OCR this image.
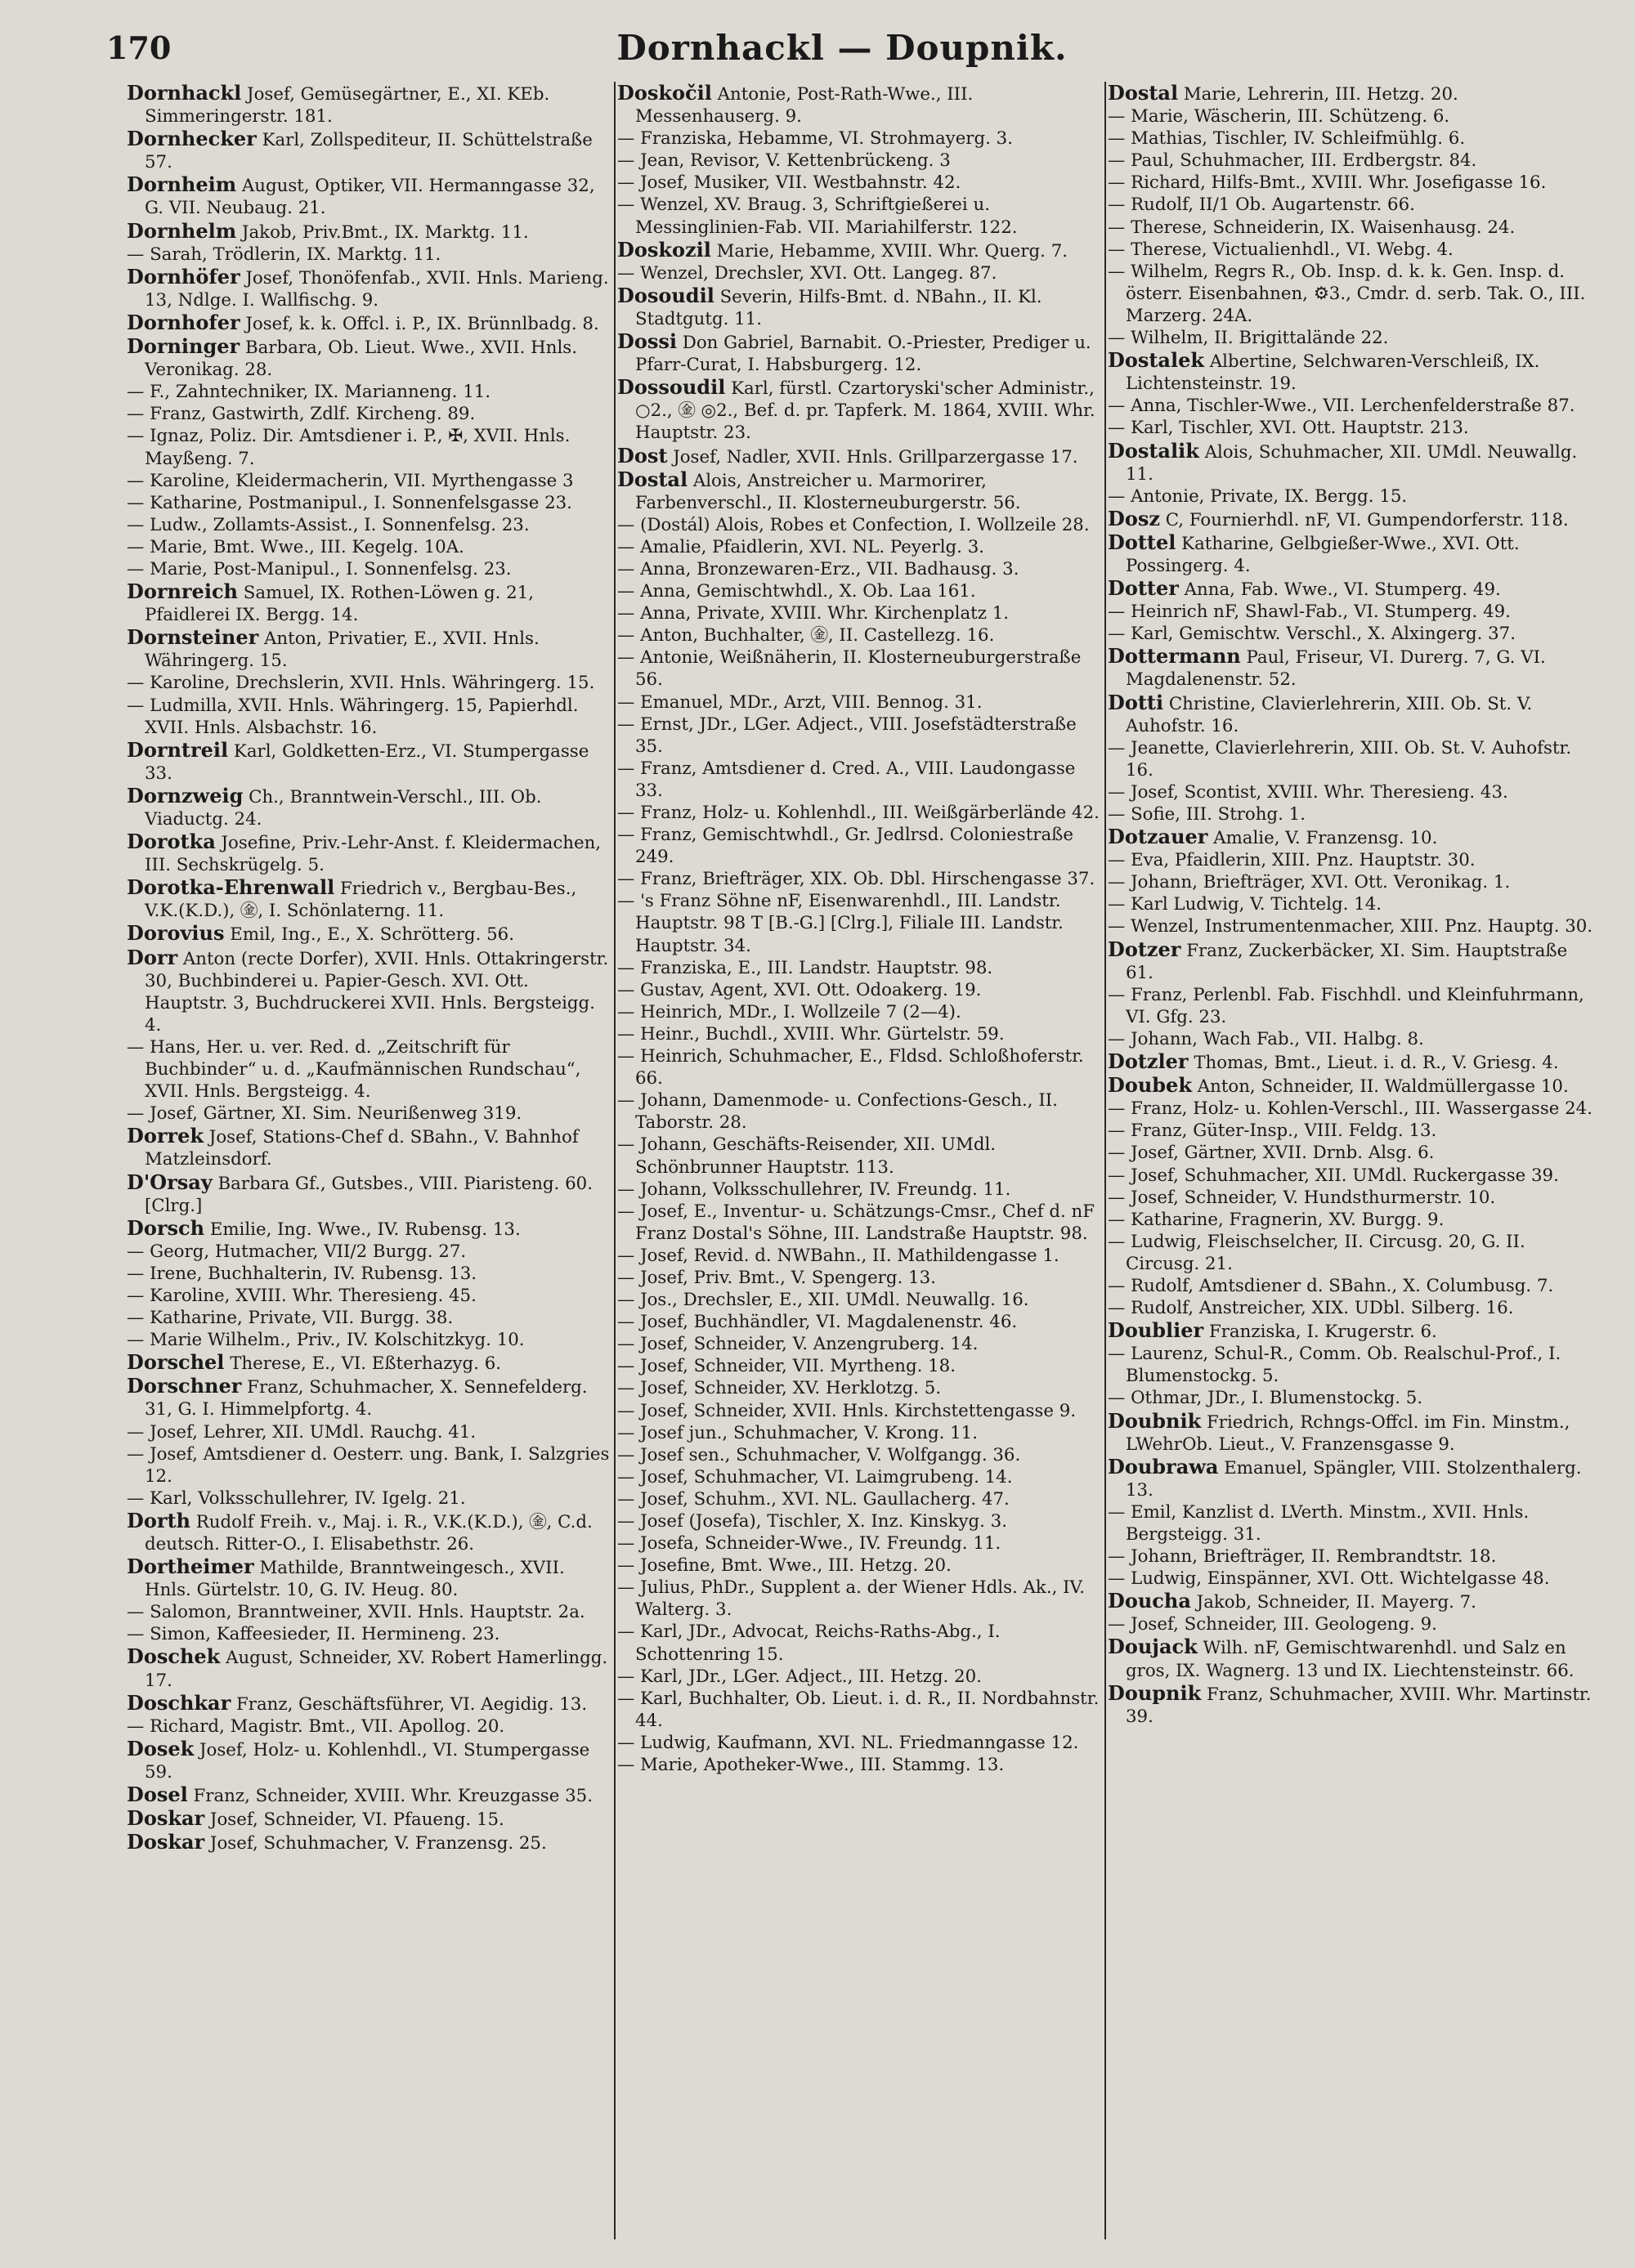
170	Dornhackl — Doupnik.

Dornhackl Josef, Gemüsegärtner, E., XI. KEb. Simmeringerstr. 181.

Dornhecker Karl, Zollspediteur, II. Schüttelstraße 57.

Dornheim August, Optiker, VII. Hermanngasse 32, G. VII. Neubaug. 21.

Dornhelm Jakob, Priv.Bmt., IX. Marktg. 11.

— Sarah, Trödlerin, IX. Marktg. 11.

Dornhöfer Josef, Thonöfenfab., XVII. Hnls. Marieng. 13, Ndlge. I. Wallfischg. 9.

Dornhofer Josef, k. k. Offcl. i. P., IX. Brünnlbadg. 8.

Dorninger Barbara, Ob. Lieut. Wwe., XVII. Hnls. Veronikag. 28.

— F., Zahntechniker, IX. Marianneng. 11.

— Franz, Gastwirth, Zdlf. Kircheng. 89.

— Ignaz, Poliz. Dir. Amtsdiener i. P., ✠, XVII. Hnls. Mayßeng. 7.

— Karoline, Kleidermacherin, VII. Myrthengasse 3

— Katharine, Postmanipul., I. Sonnenfelsgasse 23.

— Ludw., Zollamts-Assist., I. Sonnenfelsg. 23.

— Marie, Bmt. Wwe., III. Kegelg. 10A.

— Marie, Post-Manipul., I. Sonnenfelsg. 23.

Dornreich Samuel, IX. Rothen-Löwen g. 21, Pfaidlerei IX. Bergg. 14.

Dornsteiner Anton, Privatier, E., XVII. Hnls. Währingerg. 15.

— Karoline, Drechslerin, XVII. Hnls. Währingerg. 15.

— Ludmilla, XVII. Hnls. Währingerg. 15, Papierhdl. XVII. Hnls. Alsbachstr. 16.

Dorntreil Karl, Goldketten-Erz., VI. Stumpergasse 33.

Dornzweig Ch., Branntwein-Verschl., III. Ob. Viaductg. 24.

Dorotka Josefine, Priv.-Lehr-Anst. f. Kleidermachen, III. Sechskrügelg. 5.

Dorotka-Ehrenwall Friedrich v., Bergbau-Bes., V.K.(K.D.), ㊎, I. Schönlaterng. 11.

Dorovius Emil, Ing., E., X. Schrötterg. 56.

Dorr Anton (recte Dorfer), XVII. Hnls. Ottakringerstr. 30, Buchbinderei u. Papier-Gesch. XVI. Ott. Hauptstr. 3, Buchdruckerei XVII. Hnls. Bergsteigg. 4.

— Hans, Her. u. ver. Red. d. „Zeitschrift für Buchbinder“ u. d. „Kaufmännischen Rundschau“, XVII. Hnls. Bergsteigg. 4.

— Josef, Gärtner, XI. Sim. Neurißenweg 319.

Dorrek Josef, Stations-Chef d. SBahn., V. Bahnhof Matzleinsdorf.

D'Orsay Barbara Gf., Gutsbes., VIII. Piaristeng. 60. [Clrg.]

Dorsch Emilie, Ing. Wwe., IV. Rubensg. 13.

— Georg, Hutmacher, VII/2 Burgg. 27.

— Irene, Buchhalterin, IV. Rubensg. 13.

— Karoline, XVIII. Whr. Theresieng. 45.

— Katharine, Private, VII. Burgg. 38.

— Marie Wilhelm., Priv., IV. Kolschitzkyg. 10.

Dorschel Therese, E., VI. Eßterhazyg. 6.

Dorschner Franz, Schuhmacher, X. Sennefelderg. 31, G. I. Himmelpfortg. 4.

— Josef, Lehrer, XII. UMdl. Rauchg. 41.

— Josef, Amtsdiener d. Oesterr. ung. Bank, I. Salzgries 12.

— Karl, Volksschullehrer, IV. Igelg. 21.

Dorth Rudolf Freih. v., Maj. i. R., V.K.(K.D.), ㊎, C.d. deutsch. Ritter-O., I. Elisabethstr. 26.

Dortheimer Mathilde, Branntweingesch., XVII. Hnls. Gürtelstr. 10, G. IV. Heug. 80.

— Salomon, Branntweiner, XVII. Hnls. Hauptstr. 2a.

— Simon, Kaffeesieder, II. Hermineng. 23.

Doschek August, Schneider, XV. Robert Hamerlingg. 17.

Doschkar Franz, Geschäftsführer, VI. Aegidig. 13.

— Richard, Magistr. Bmt., VII. Apollog. 20.

Dosek Josef, Holz- u. Kohlenhdl., VI. Stumpergasse 59.

Dosel Franz, Schneider, XVIII. Whr. Kreuzgasse 35.

Doskar Josef, Schneider, VI. Pfaueng. 15.

Doskar Josef, Schuhmacher, V. Franzensg. 25.

Doskočil Antonie, Post-Rath-Wwe., III. Messenhauserg. 9.

— Franziska, Hebamme, VI. Strohmayerg. 3.

— Jean, Revisor, V. Kettenbrückeng. 3

— Josef, Musiker, VII. Westbahnstr. 42.

— Wenzel, XV. Braug. 3, Schriftgießerei u. Messinglinien-Fab. VII. Mariahilferstr. 122.

Doskozil Marie, Hebamme, XVIII. Whr. Querg. 7.

— Wenzel, Drechsler, XVI. Ott. Langeg. 87.

Dosoudil Severin, Hilfs-Bmt. d. NBahn., II. Kl. Stadtgutg. 11.

Dossi Don Gabriel, Barnabit. O.-Priester, Prediger u. Pfarr-Curat, I. Habsburgerg. 12.

Dossoudil Karl, fürstl. Czartoryski'scher Administr., ○2., ㊎ ◎2., Bef. d. pr. Tapferk. M. 1864, XVIII. Whr. Hauptstr. 23.

Dost Josef, Nadler, XVII. Hnls. Grillparzergasse 17.

Dostal Alois, Anstreicher u. Marmorirer, Farbenverschl., II. Klosterneuburgerstr. 56.

— (Dostál) Alois, Robes et Confection, I. Wollzeile 28.

— Amalie, Pfaidlerin, XVI. NL. Peyerlg. 3.

— Anna, Bronzewaren-Erz., VII. Badhausg. 3.

— Anna, Gemischtwhdl., X. Ob. Laa 161.

— Anna, Private, XVIII. Whr. Kirchenplatz 1.

— Anton, Buchhalter, ㊎, II. Castellezg. 16.

— Antonie, Weißnäherin, II. Klosterneuburgerstraße 56.

— Emanuel, MDr., Arzt, VIII. Bennog. 31.

— Ernst, JDr., LGer. Adject., VIII. Josefstädterstraße 35.

— Franz, Amtsdiener d. Cred. A., VIII. Laudongasse 33.

— Franz, Holz- u. Kohlenhdl., III. Weißgärberlände 42.

— Franz, Gemischtwhdl., Gr. Jedlrsd. Coloniestraße 249.

— Franz, Briefträger, XIX. Ob. Dbl. Hirschengasse 37.

— 's Franz Söhne nF, Eisenwarenhdl., III. Landstr. Hauptstr. 98 T [B.-G.] [Clrg.], Filiale III. Landstr. Hauptstr. 34.

— Franziska, E., III. Landstr. Hauptstr. 98.

— Gustav, Agent, XVI. Ott. Odoakerg. 19.

— Heinrich, MDr., I. Wollzeile 7 (2—4).

— Heinr., Buchdl., XVIII. Whr. Gürtelstr. 59.

— Heinrich, Schuhmacher, E., Fldsd. Schloßhoferstr. 66.

— Johann, Damenmode- u. Confections-Gesch., II. Taborstr. 28.

— Johann, Geschäfts-Reisender, XII. UMdl. Schönbrunner Hauptstr. 113.

— Johann, Volksschullehrer, IV. Freundg. 11.

— Josef, E., Inventur- u. Schätzungs-Cmsr., Chef d. nF Franz Dostal's Söhne, III. Landstraße Hauptstr. 98.

— Josef, Revid. d. NWBahn., II. Mathildengasse 1.

— Josef, Priv. Bmt., V. Spengerg. 13.

— Jos., Drechsler, E., XII. UMdl. Neuwallg. 16.

— Josef, Buchhändler, VI. Magdalenenstr. 46.

— Josef, Schneider, V. Anzengruberg. 14.

— Josef, Schneider, VII. Myrtheng. 18.

— Josef, Schneider, XV. Herklotzg. 5.

— Josef, Schneider, XVII. Hnls. Kirchstettengasse 9.

— Josef jun., Schuhmacher, V. Krong. 11.

— Josef sen., Schuhmacher, V. Wolfgangg. 36.

— Josef, Schuhmacher, VI. Laimgrubeng. 14.

— Josef, Schuhm., XVI. NL. Gaullacherg. 47.

— Josef (Josefa), Tischler, X. Inz. Kinskyg. 3.

— Josefa, Schneider-Wwe., IV. Freundg. 11.

— Josefine, Bmt. Wwe., III. Hetzg. 20.

— Julius, PhDr., Supplent a. der Wiener Hdls. Ak., IV. Walterg. 3.

— Karl, JDr., Advocat, Reichs-Raths-Abg., I. Schottenring 15.

— Karl, JDr., LGer. Adject., III. Hetzg. 20.

— Karl, Buchhalter, Ob. Lieut. i. d. R., II. Nordbahnstr. 44.

— Ludwig, Kaufmann, XVI. NL. Friedmanngasse 12.

— Marie, Apotheker-Wwe., III. Stammg. 13.

Dostal Marie, Lehrerin, III. Hetzg. 20.

— Marie, Wäscherin, III. Schützeng. 6.

— Mathias, Tischler, IV. Schleifmühlg. 6.

— Paul, Schuhmacher, III. Erdbergstr. 84.

— Richard, Hilfs-Bmt., XVIII. Whr. Josefigasse 16.

— Rudolf, II/1 Ob. Augartenstr. 66.

— Therese, Schneiderin, IX. Waisenhausg. 24.

— Therese, Victualienhdl., VI. Webg. 4.

— Wilhelm, Regrs R., Ob. Insp. d. k. k. Gen. Insp. d. österr. Eisenbahnen, ⚙3., Cmdr. d. serb. Tak. O., III. Marzerg. 24A.

— Wilhelm, II. Brigittalände 22.

Dostalek Albertine, Selchwaren-Verschleiß, IX. Lichtensteinstr. 19.

— Anna, Tischler-Wwe., VII. Lerchenfelderstraße 87.

— Karl, Tischler, XVI. Ott. Hauptstr. 213.

Dostalik Alois, Schuhmacher, XII. UMdl. Neuwallg. 11.

— Antonie, Private, IX. Bergg. 15.

Dosz C, Fournierhdl. nF, VI. Gumpendorferstr. 118.

Dottel Katharine, Gelbgießer-Wwe., XVI. Ott. Possingerg. 4.

Dotter Anna, Fab. Wwe., VI. Stumperg. 49.

— Heinrich nF, Shawl-Fab., VI. Stumperg. 49.

— Karl, Gemischtw. Verschl., X. Alxingerg. 37.

Dottermann Paul, Friseur, VI. Durerg. 7, G. VI. Magdalenenstr. 52.

Dotti Christine, Clavierlehrerin, XIII. Ob. St. V. Auhofstr. 16.

— Jeanette, Clavierlehrerin, XIII. Ob. St. V. Auhofstr. 16.

— Josef, Scontist, XVIII. Whr. Theresieng. 43.

— Sofie, III. Strohg. 1.

Dotzauer Amalie, V. Franzensg. 10.

— Eva, Pfaidlerin, XIII. Pnz. Hauptstr. 30.

— Johann, Briefträger, XVI. Ott. Veronikag. 1.

— Karl Ludwig, V. Tichtelg. 14.

— Wenzel, Instrumentenmacher, XIII. Pnz. Hauptg. 30.

Dotzer Franz, Zuckerbäcker, XI. Sim. Hauptstraße 61.

— Franz, Perlenbl. Fab. Fischhdl. und Kleinfuhrmann, VI. Gfg. 23.

— Johann, Wach Fab., VII. Halbg. 8.

Dotzler Thomas, Bmt., Lieut. i. d. R., V. Griesg. 4.

Doubek Anton, Schneider, II. Waldmüllergasse 10.

— Franz, Holz- u. Kohlen-Verschl., III. Wassergasse 24.

— Franz, Güter-Insp., VIII. Feldg. 13.

— Josef, Gärtner, XVII. Drnb. Alsg. 6.

— Josef, Schuhmacher, XII. UMdl. Ruckergasse 39.

— Josef, Schneider, V. Hundsthurmerstr. 10.

— Katharine, Fragnerin, XV. Burgg. 9.

— Ludwig, Fleischselcher, II. Circusg. 20, G. II. Circusg. 21.

— Rudolf, Amtsdiener d. SBahn., X. Columbusg. 7.

— Rudolf, Anstreicher, XIX. UDbl. Silberg. 16.

Doublier Franziska, I. Krugerstr. 6.

— Laurenz, Schul-R., Comm. Ob. Realschul-Prof., I. Blumenstockg. 5.

— Othmar, JDr., I. Blumenstockg. 5.

Doubnik Friedrich, Rchngs-Offcl. im Fin. Minstm., LWehrOb. Lieut., V. Franzensgasse 9.

Doubrawa Emanuel, Spängler, VIII. Stolzenthalerg. 13.

— Emil, Kanzlist d. LVerth. Minstm., XVII. Hnls. Bergsteigg. 31.

— Johann, Briefträger, II. Rembrandtstr. 18.

— Ludwig, Einspänner, XVI. Ott. Wichtelgasse 48.

Doucha Jakob, Schneider, II. Mayerg. 7.

— Josef, Schneider, III. Geologeng. 9.

Doujack Wilh. nF, Gemischtwarenhdl. und Salz en gros, IX. Wagnerg. 13 und IX. Liechtensteinstr. 66.

Doupnik Franz, Schuhmacher, XVIII. Whr. Martinstr. 39.
